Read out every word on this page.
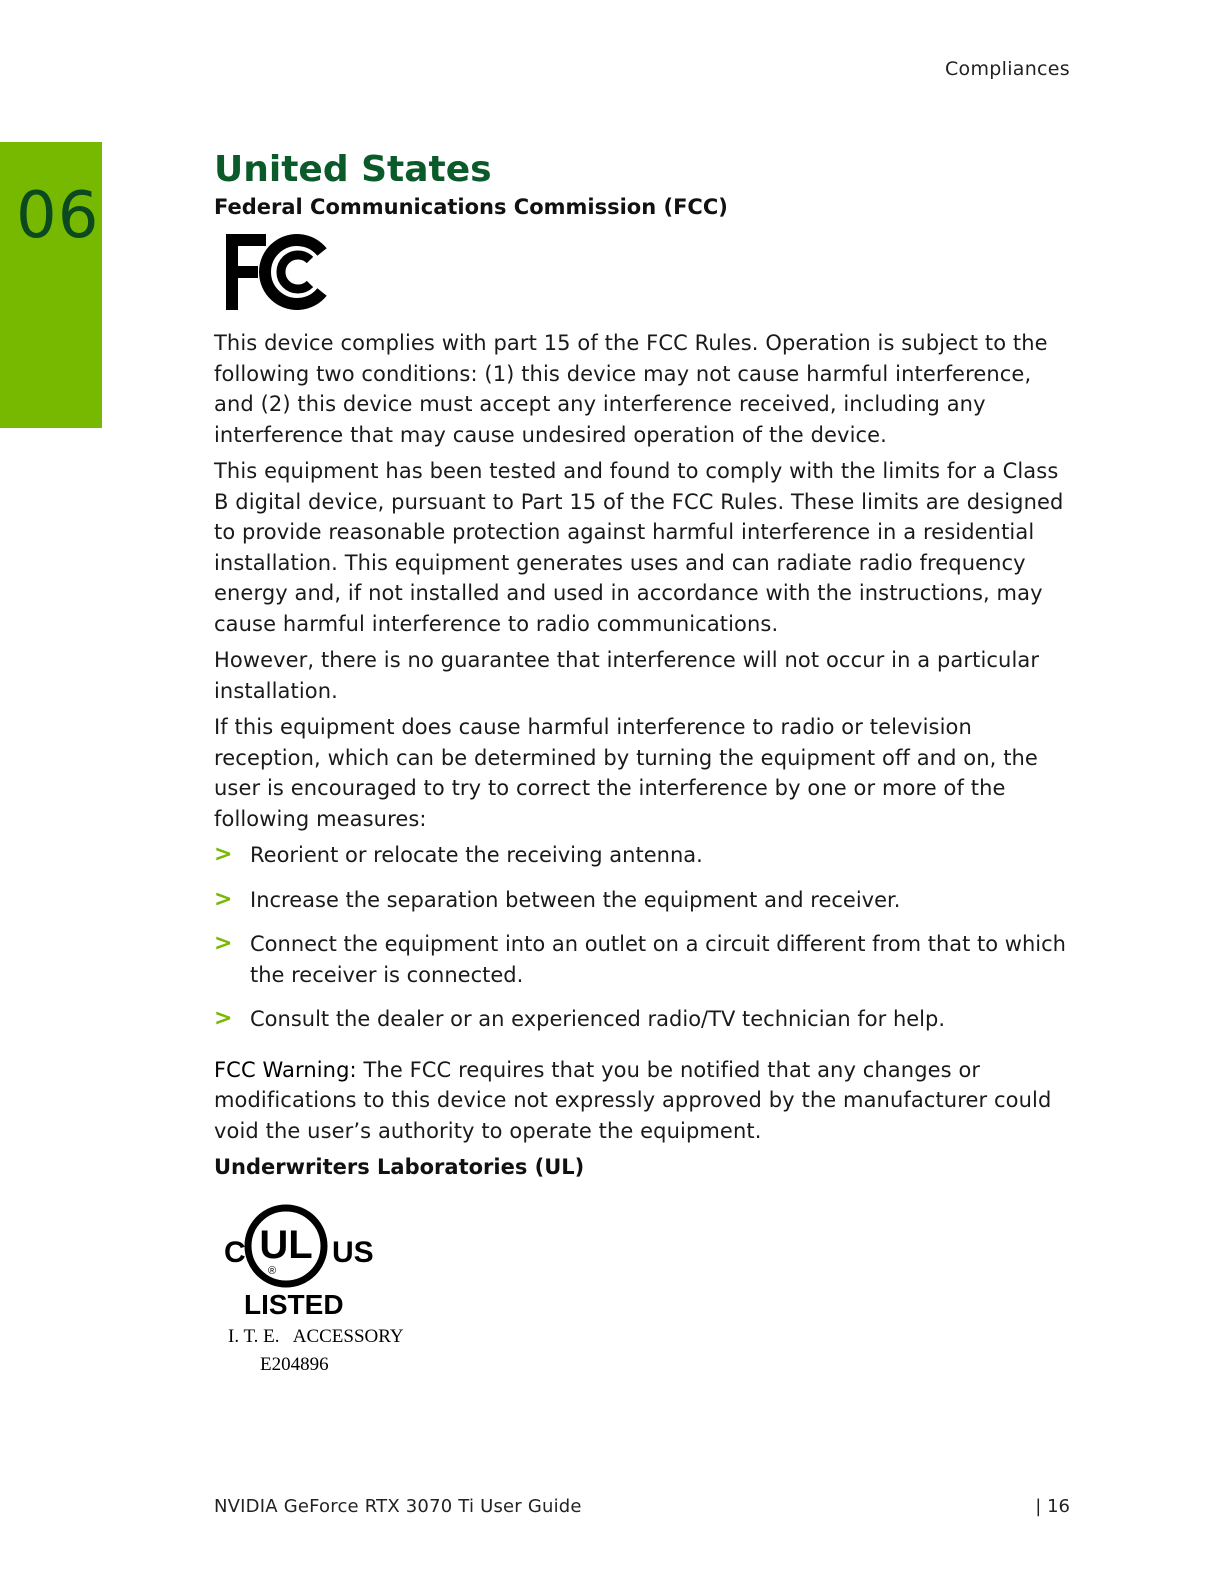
Compliances
06
United States
Federal Communications Commission (FCC)

This device complies with part 15 of the FCC Rules. Operation is subject to the following two conditions: (1) this device may not cause harmful interference, and (2) this device must accept any interference received, including any interference that may cause undesired operation of the device.

This equipment has been tested and found to comply with the limits for a Class B digital device, pursuant to Part 15 of the FCC Rules. These limits are designed to provide reasonable protection against harmful interference in a residential installation. This equipment generates uses and can radiate radio frequency energy and, if not installed and used in accordance with the instructions, may cause harmful interference to radio communications.

However, there is no guarantee that interference will not occur in a particular installation.

If this equipment does cause harmful interference to radio or television reception, which can be determined by turning the equipment off and on, the user is encouraged to try to correct the interference by one or more of the following measures:

> Reorient or relocate the receiving antenna.
> Increase the separation between the equipment and receiver.
> Connect the equipment into an outlet on a circuit different from that to which the receiver is connected.
> Consult the dealer or an experienced radio/TV technician for help.

FCC Warning: The FCC requires that you be notified that any changes or modifications to this device not expressly approved by the manufacturer could void the user’s authority to operate the equipment.

Underwriters Laboratories (UL)
C UL
®
US
LISTED
I. T. E.   ACCESSORY
E204896
NVIDIA GeForce RTX 3070 Ti User Guide	| 16
